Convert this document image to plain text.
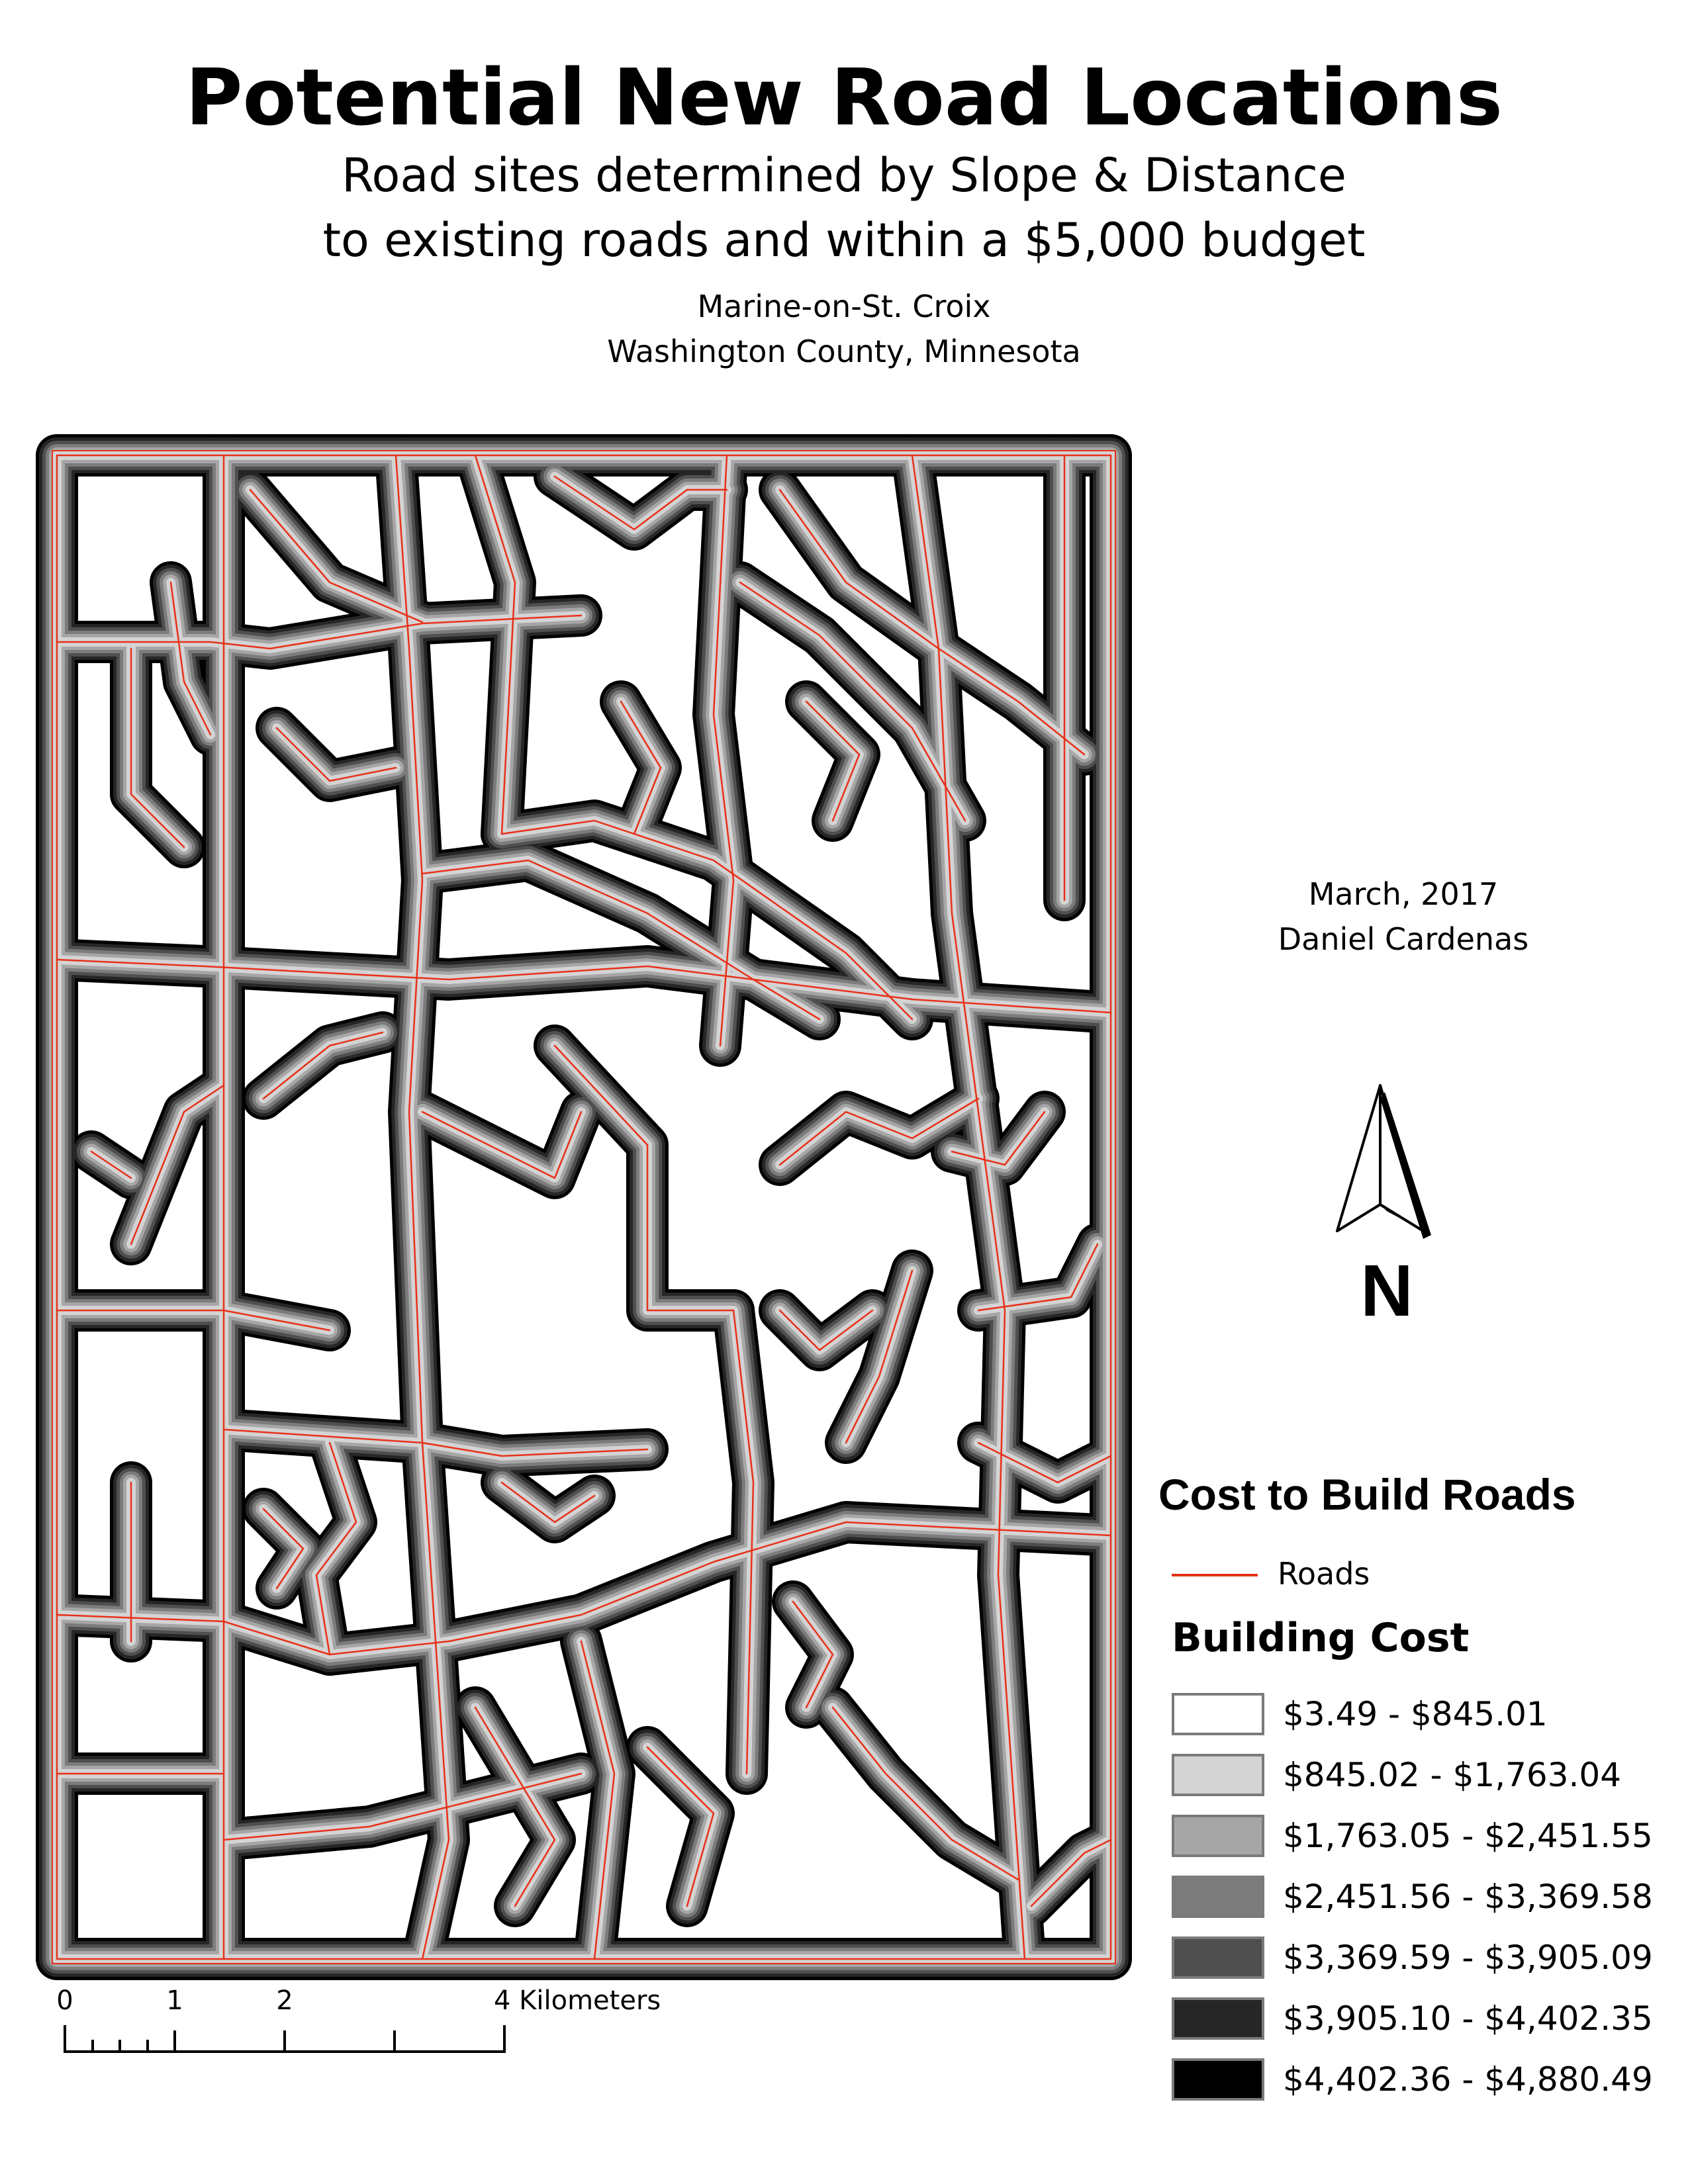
Potential New Road Locations
Road sites determined by Slope & Distance
to existing roads and within a $5,000 budget
Marine-on-St. Croix
Washington County, Minnesota
March, 2017
Daniel Cardenas
N
Cost to Build Roads
Roads
Building Cost
$3.49 - $845.01
$845.02 - $1,763.04
$1,763.05 - $2,451.55
$2,451.56 - $3,369.58
$3,369.59 - $3,905.09
$3,905.10 - $4,402.35
$4,402.36 - $4,880.49
0	1	2	4 Kilometers
